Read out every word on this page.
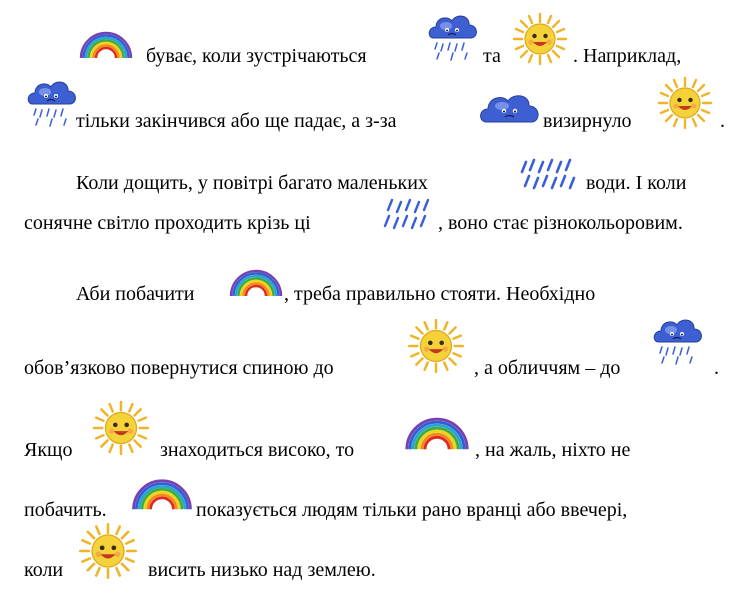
буває, коли зустрічаються	та	. Наприклад,
тільки закінчився або ще падає, а з-за	визирнуло	.
Коли дощить, у повітрі багато маленьких	води. І коли
сонячне світло проходить крізь ці	, воно стає різнокольоровим.
Аби побачити	, треба правильно стояти. Необхідно
обов’язково повернутися спиною до	, а обличчям – до	.
Якщо	знаходиться високо, то	, на жаль, ніхто не
побачить.	показується людям тільки рано вранці або ввечері,
коли	висить низько над землею.
